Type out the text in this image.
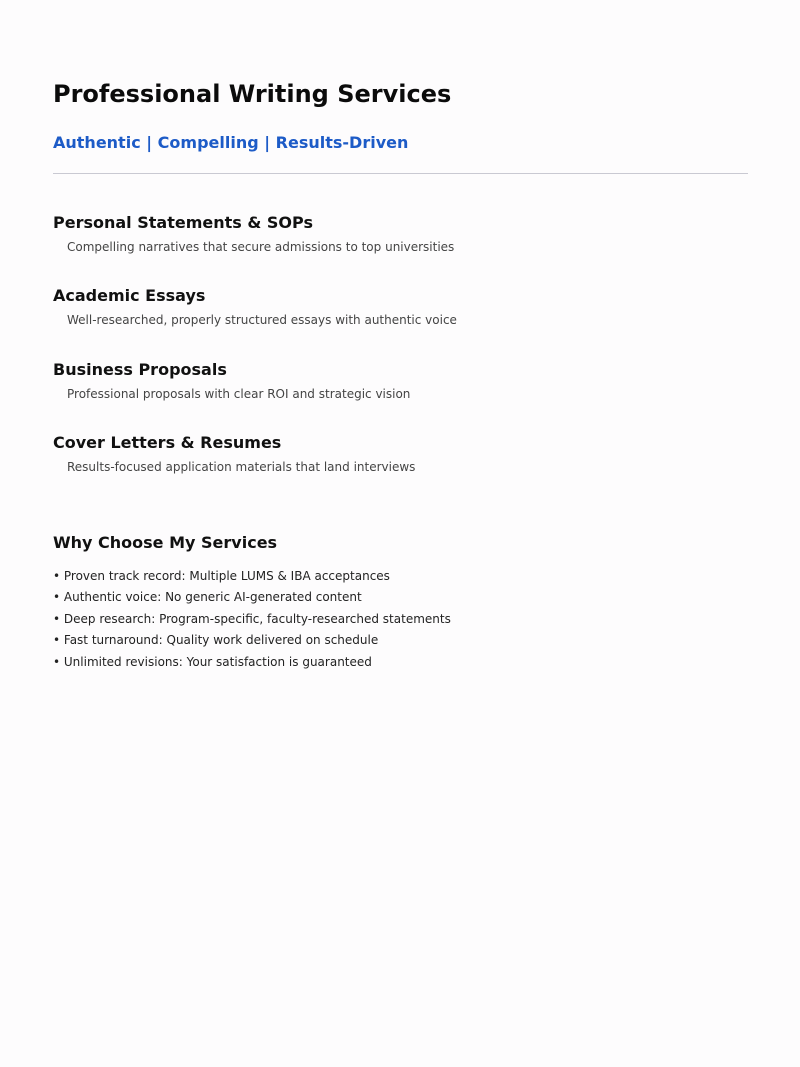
Professional Writing Services
Authentic | Compelling | Results-Driven
Personal Statements & SOPs

Compelling narratives that secure admissions to top universities

Academic Essays

Well-researched, properly structured essays with authentic voice

Business Proposals

Professional proposals with clear ROI and strategic vision

Cover Letters & Resumes

Results-focused application materials that land interviews

Why Choose My Services
• Proven track record: Multiple LUMS & IBA acceptances
• Authentic voice: No generic AI-generated content
• Deep research: Program-specific, faculty-researched statements
• Fast turnaround: Quality work delivered on schedule
• Unlimited revisions: Your satisfaction is guaranteed
